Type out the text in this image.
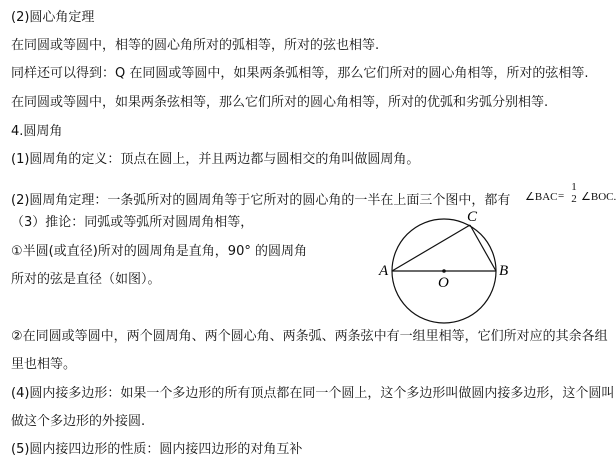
(2)圆心角定理
在同圆或等圆中，相等的圆心角所对的弧相等，所对的弦也相等.
同样还可以得到：Q 在同圆或等圆中，如果两条弧相等，那么它们所对的圆心角相等，所对的弦相等.
在同圆或等圆中，如果两条弦相等，那么它们所对的圆心角相等，所对的优弧和劣弧分别相等.
4.圆周角
(1)圆周角的定义：顶点在圆上，并且两边都与圆相交的角叫做圆周角。
(2)圆周角定理：一条弧所对的圆周角等于它所对的圆心角的一半在上面三个图中，都有
（3）推论：同弧或等弧所对圆周角相等，
①半圆(或直径)所对的圆周角是直角，90° 的圆周角
所对的弦是直径（如图）。
②在同圆或等圆中，两个圆周角、两个圆心角、两条弧、两条弦中有一组里相等，它们所对应的其余各组
里也相等。
(4)圆内接多边形：如果一个多边形的所有顶点都在同一个圆上，这个多边形叫做圆内接多边形，这个圆叫
做这个多边形的外接圆.
(5)圆内接四边形的性质：圆内接四边形的对角互补
∠BAC =
1
2 ∠BOC.
A	B
C
O
